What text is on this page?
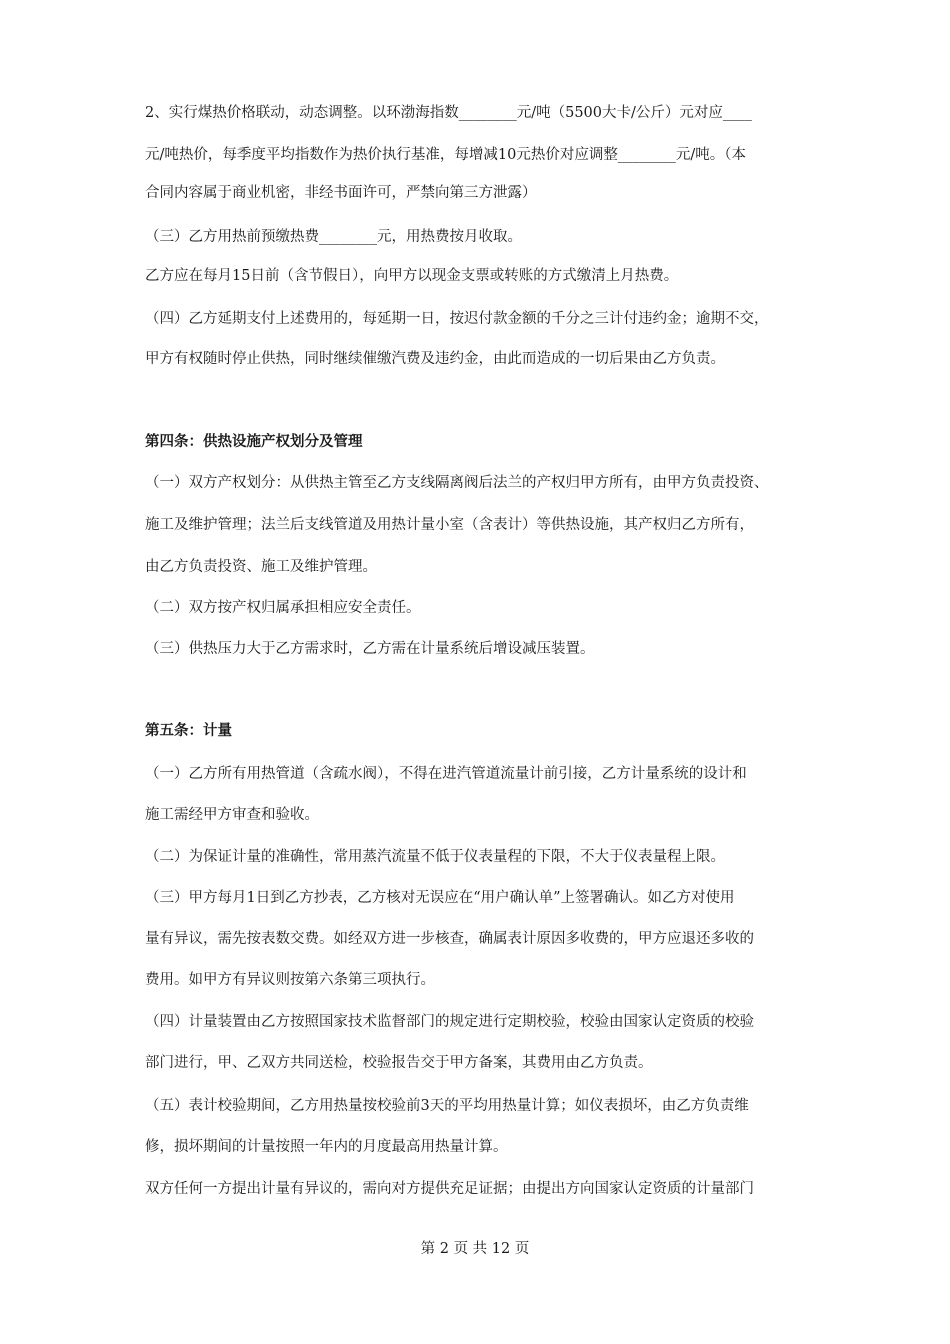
2、实行煤热价格联动，动态调整。以环渤海指数________元/吨（5500大卡/公斤）元对应____
元/吨热价，每季度平均指数作为热价执行基准，每增减10元热价对应调整________元/吨。（本
合同内容属于商业机密，非经书面许可，严禁向第三方泄露）
（三）乙方用热前预缴热费________元，用热费按月收取。
乙方应在每月15日前（含节假日），向甲方以现金支票或转账的方式缴清上月热费。
（四）乙方延期支付上述费用的，每延期一日，按迟付款金额的千分之三计付违约金；逾期不交，
甲方有权随时停止供热，同时继续催缴汽费及违约金，由此而造成的一切后果由乙方负责。
第四条：供热设施产权划分及管理
（一）双方产权划分：从供热主管至乙方支线隔离阀后法兰的产权归甲方所有，由甲方负责投资、
施工及维护管理；法兰后支线管道及用热计量小室（含表计）等供热设施，其产权归乙方所有，
由乙方负责投资、施工及维护管理。
（二）双方按产权归属承担相应安全责任。
（三）供热压力大于乙方需求时，乙方需在计量系统后增设减压装置。
第五条：计量
（一）乙方所有用热管道（含疏水阀），不得在进汽管道流量计前引接，乙方计量系统的设计和
施工需经甲方审查和验收。
（二）为保证计量的准确性，常用蒸汽流量不低于仪表量程的下限，不大于仪表量程上限。
（三）甲方每月1日到乙方抄表，乙方核对无误应在“用户确认单”上签署确认。如乙方对使用
量有异议，需先按表数交费。如经双方进一步核查，确属表计原因多收费的，甲方应退还多收的
费用。如甲方有异议则按第六条第三项执行。
（四）计量装置由乙方按照国家技术监督部门的规定进行定期校验，校验由国家认定资质的校验
部门进行，甲、乙双方共同送检，校验报告交于甲方备案，其费用由乙方负责。
（五）表计校验期间，乙方用热量按校验前3天的平均用热量计算；如仪表损坏，由乙方负责维
修，损坏期间的计量按照一年内的月度最高用热量计算。
双方任何一方提出计量有异议的，需向对方提供充足证据；由提出方向国家认定资质的计量部门
第 2 页 共 12 页
